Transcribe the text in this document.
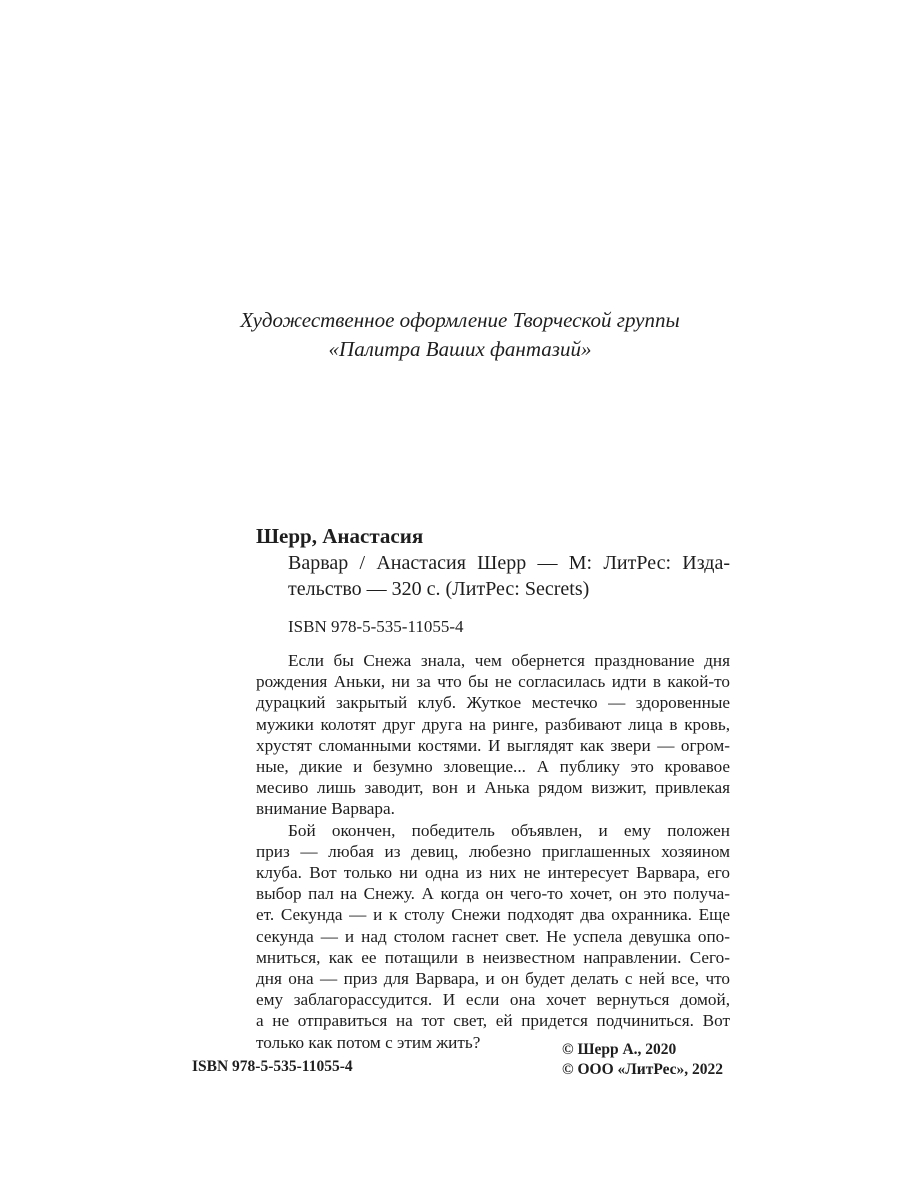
Художественное оформление Творческой группы
«Палитра Ваших фантазий»

Шерр, Анастасия

Варвар / Анастасия Шерр — М: ЛитРес: Изда-
тельство — 320 с. (ЛитРес: Secrets)
ISBN 978-5-535-11055-4
Если бы Снежа знала, чем обернется празднование дня
рождения Аньки, ни за что бы не согласилась идти в какой-то
дурацкий закрытый клуб. Жуткое местечко — здоровенные
мужики колотят друг друга на ринге, разбивают лица в кровь,
хрустят сломанными костями. И выглядят как звери — огром-
ные, дикие и безумно зловещие... А публику это кровавое
месиво лишь заводит, вон и Анька рядом визжит, привлекая
внимание Варвара.
Бой окончен, победитель объявлен, и ему положен
приз — любая из девиц, любезно приглашенных хозяином
клуба. Вот только ни одна из них не интересует Варвара, его
выбор пал на Снежу. А когда он чего-то хочет, он это получа-
ет. Секунда — и к столу Снежи подходят два охранника. Еще
секунда — и над столом гаснет свет. Не успела девушка опо-
мниться, как ее потащили в неизвестном направлении. Сего-
дня она — приз для Варвара, и он будет делать с ней все, что
ему заблагорассудится. И если она хочет вернуться домой,
а не отправиться на тот свет, ей придется подчиниться. Вот
только как потом с этим жить?
ISBN 978-5-535-11055-4
© Шерр А., 2020
© ООО «ЛитРес», 2022
